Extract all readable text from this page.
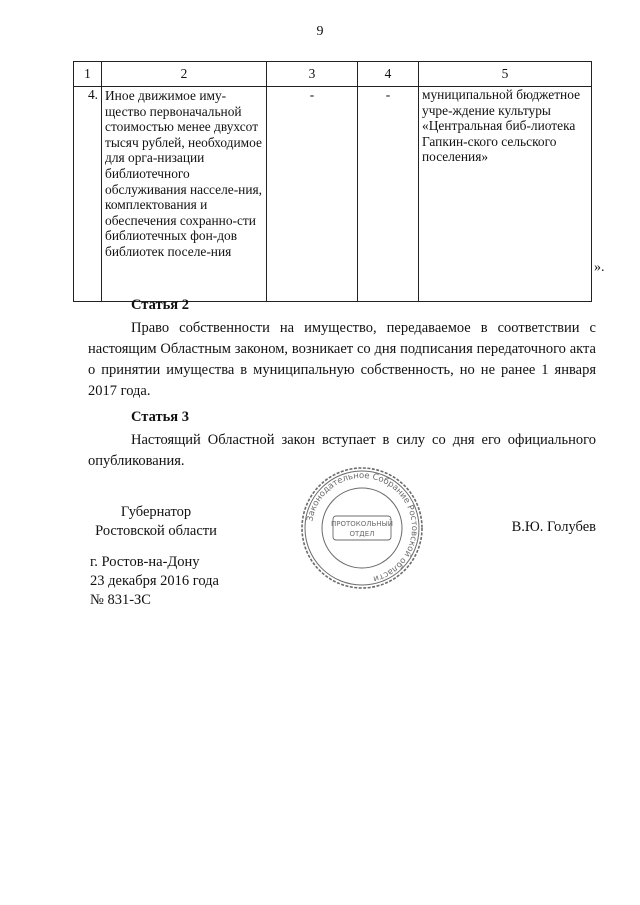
9
1	2	3	4	5
4.	Иное движимое иму-щество первоначальной стоимостью менее двухсот тысяч рублей, необходимое для орга-низации библиотечного обслуживания насселе-ния, комплектования и обеспечения сохранно-сти библиотечных фон-дов библиотек поселе-ния	-	-	муниципальной бюджетное учре-ждение культуры «Центральная биб-лиотека Гапкин-ского сельского поселения»
».
Статья 2
Право собственности на имущество, передаваемое в соответствии с настоящим Областным законом, возникает со дня подписания передаточного акта о принятии имущества в муниципальную собственность, но не ранее 1 января 2017 года.
Статья 3
Настоящий Областной закон вступает в силу со дня его официального опубликования.
Губернатор
Ростовской области	В.Ю. Голубев
г. Ростов-на-Дону
23 декабря 2016 года
№ 831-ЗС
Законодательное Собрание Ростовской области
ПРОТОКОЛЬНЫЙ
ОТДЕЛ
